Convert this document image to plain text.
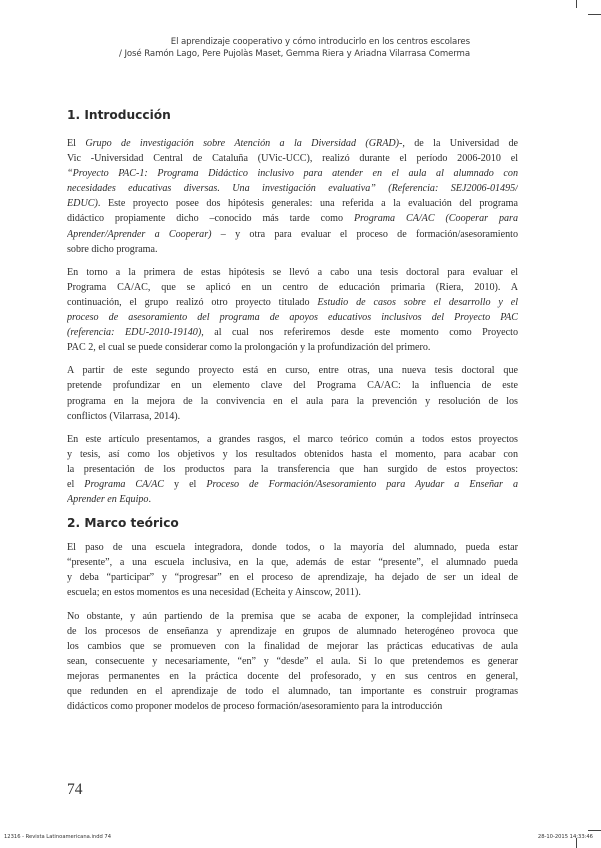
El aprendizaje cooperativo y cómo introducirlo en los centros escolares
/ José Ramón Lago, Pere Pujolàs Maset, Gemma Riera y Ariadna Vilarrasa Comerma
1. Introducción
El Grupo de investigación sobre Atención a la Diversidad (GRAD)-, de la Universidad de
Vic -Universidad Central de Cataluña (UVic-UCC), realizó durante el período 2006-2010 el
“Proyecto PAC-1: Programa Didáctico inclusivo para atender en el aula al alumnado con
necesidades educativas diversas. Una investigación evaluativa” (Referencia: SEJ2006-01495/
EDUC). Este proyecto posee dos hipótesis generales: una referida a la evaluación del programa
didáctico propiamente dicho –conocido más tarde como Programa CA/AC (Cooperar para
Aprender/Aprender a Cooperar) – y otra para evaluar el proceso de formación/asesoramiento
sobre dicho programa.
En torno a la primera de estas hipótesis se llevó a cabo una tesis doctoral para evaluar el
Programa CA/AC, que se aplicó en un centro de educación primaria (Riera, 2010). A
continuación, el grupo realizó otro proyecto titulado Estudio de casos sobre el desarrollo y el
proceso de asesoramiento del programa de apoyos educativos inclusivos del Proyecto PAC
(referencia: EDU-2010-19140), al cual nos referiremos desde este momento como Proyecto
PAC 2, el cual se puede considerar como la prolongación y la profundización del primero.
A partir de este segundo proyecto está en curso, entre otras, una nueva tesis doctoral que
pretende profundizar en un elemento clave del Programa CA/AC: la influencia de este
programa en la mejora de la convivencia en el aula para la prevención y resolución de los
conflictos (Vilarrasa, 2014).
En este artículo presentamos, a grandes rasgos, el marco teórico común a todos estos proyectos
y tesis, así como los objetivos y los resultados obtenidos hasta el momento, para acabar con
la presentación de los productos para la transferencia que han surgido de estos proyectos:
el Programa CA/AC y el Proceso de Formación/Asesoramiento para Ayudar a Enseñar a
Aprender en Equipo.
2. Marco teórico
El paso de una escuela integradora, donde todos, o la mayoría del alumnado, pueda estar
“presente”, a una escuela inclusiva, en la que, además de estar “presente”, el alumnado pueda
y deba “participar” y “progresar” en el proceso de aprendizaje, ha dejado de ser un ideal de
escuela; en estos momentos es una necesidad (Echeita y Ainscow, 2011).
No obstante, y aún partiendo de la premisa que se acaba de exponer, la complejidad intrínseca
de los procesos de enseñanza y aprendizaje en grupos de alumnado heterogéneo provoca que
los cambios que se promueven con la finalidad de mejorar las prácticas educativas de aula
sean, consecuente y necesariamente, “en” y “desde” el aula. Si lo que pretendemos es generar
mejoras permanentes en la práctica docente del profesorado, y en sus centros en general,
que redunden en el aprendizaje de todo el alumnado, tan importante es construir programas
didácticos como proponer modelos de proceso formación/asesoramiento para la introducción
74
12316 - Revista Latinoamericana.indd 74	28-10-2015 14:33:46
